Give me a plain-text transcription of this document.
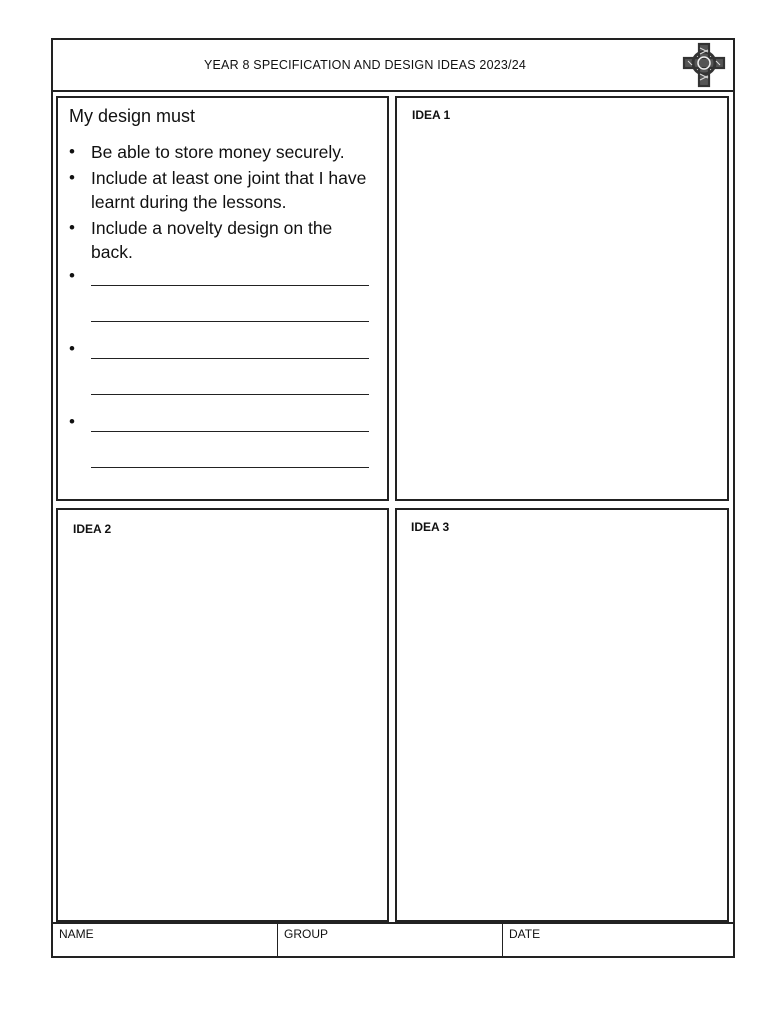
YEAR 8 SPECIFICATION AND DESIGN IDEAS 2023/24
My design must
• Be able to store money securely.
• Include at least one joint that I have learnt during the lessons.
• Include a novelty design on the back.
•
•
•
IDEA 1
IDEA 2	IDEA 3
NAME	GROUP	DATE
